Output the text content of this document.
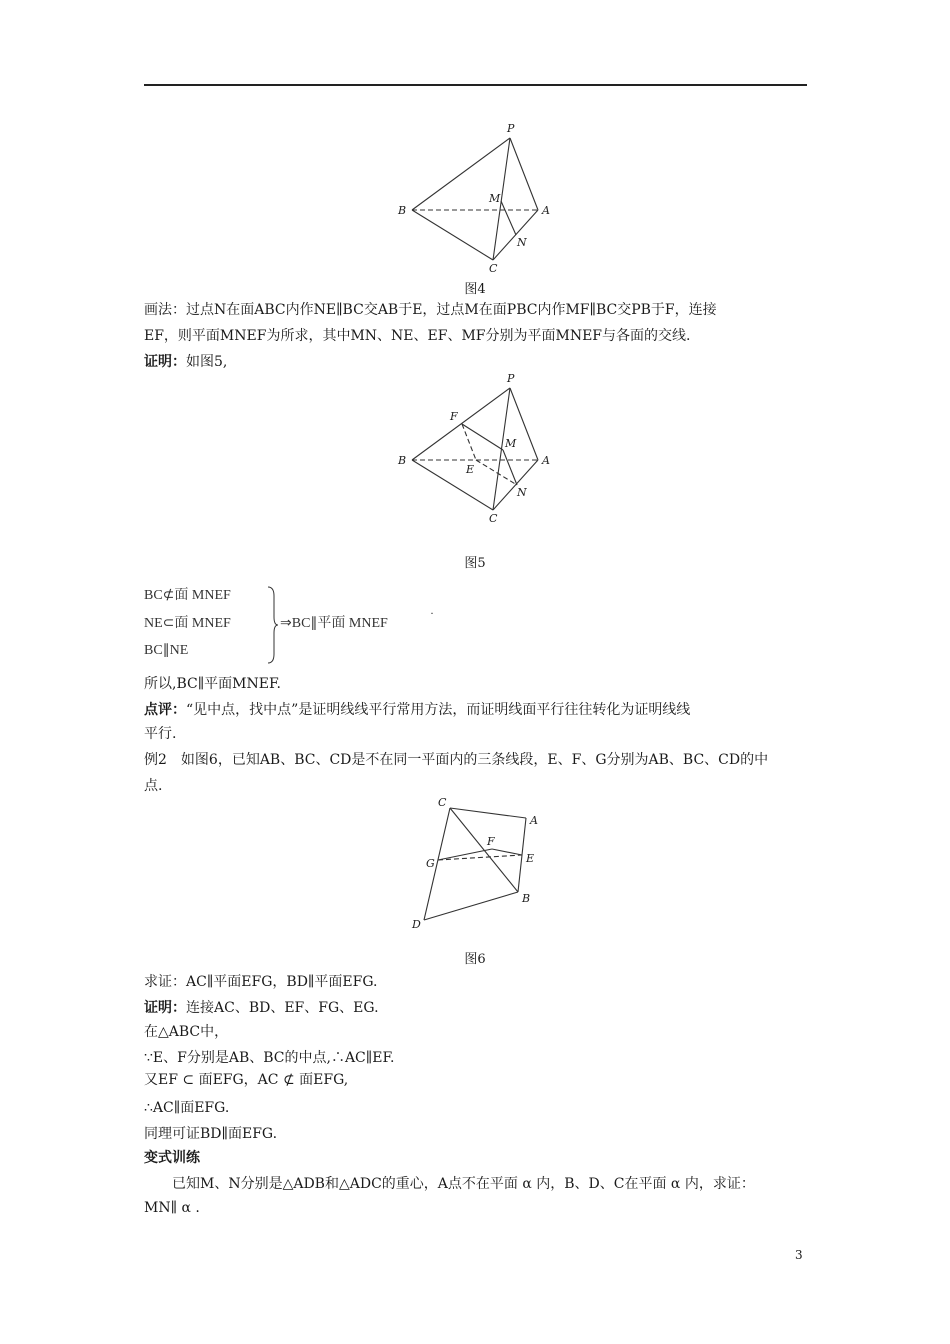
P
M
B	A
N
C
图4
画法：过点N在面ABC内作NE∥BC交AB于E，过点M在面PBC内作MF∥BC交PB于F，连接
EF，则平面MNEF为所求，其中MN、NE、EF、MF分别为平面MNEF与各面的交线.
证明：如图5,
P
F
M
B
E
A
N
C
图5
BC⊄面 MNEF
NE⊂面 MNEF
BC∥NE
⇒BC∥平面 MNEF
·
所以,BC∥平面MNEF.
点评：“见中点，找中点”是证明线线平行常用方法，而证明线面平行往往转化为证明线线
平行.
例2　如图6，已知AB、BC、CD是不在同一平面内的三条线段，E、F、G分别为AB、BC、CD的中
点.
C
A
F
G	E
B
D
图6
求证：AC∥平面EFG，BD∥平面EFG.
证明：连接AC、BD、EF、FG、EG.
在△ABC中，
∵E、F分别是AB、BC的中点,∴AC∥EF.
又EF ⊂ 面EFG，AC ⊄ 面EFG,
∴AC∥面EFG.
同理可证BD∥面EFG.
变式训练
　　已知M、N分别是△ADB和△ADC的重心，A点不在平面 α 内，B、D、C在平面 α 内，求证：
MN∥ α .
3
